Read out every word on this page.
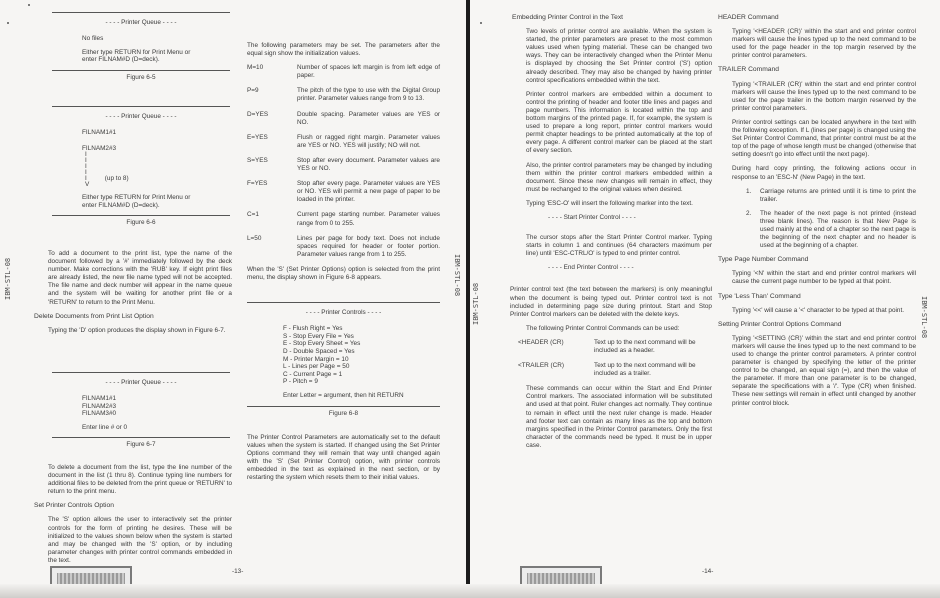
- - - - Printer Queue - - - -
No files
Either type RETURN for Print Menu or
enter FILNAM#D (D=deck).
Figure 6-5
- - - - Printer Queue - - - -
FILNAM1#1
FILNAM2#3
I
I
I
I
I	(up to 8)
V
Either type RETURN for Print Menu or
enter FILNAM#D (D=deck).
Figure 6-6

To add a document to the print list, type the name of the document followed by a '#' immediately followed by the deck number. Make corrections with the 'RUB' key. If eight print files are already listed, the new file name typed will not be accepted. The file name and deck number will appear in the name queue and the system will be waiting for another print file or a 'RETURN' to return to the Print Menu.

Delete Documents from Print List Option

Typing the 'D' option produces the display shown in Figure 6-7.

- - - - Printer Queue - - - -
FILNAM1#1
FILNAM2#3
FILNAM3#0
Enter line # or 0
Figure 6-7

To delete a document from the list, type the line number of the document in the list (1 thru 8). Continue typing line numbers for additional files to be deleted from the print queue or 'RETURN' to return to the print menu.

Set Printer Controls Option

The 'S' option allows the user to interactively set the printer controls for the form of printing he desires. These will be initialized to the values shown below when the system is started and may be changed with the 'S' option, or by including parameter changes with printer control commands embedded in the text.

-13-

The following parameters may be set. The parameters after the equal sign show the initialization values.

M=10	Number of spaces left margin is from left edge of paper.
P=9	The pitch of the type to use with the Digital Group printer. Parameter values range from 9 to 13.
D=YES	Double spacing. Parameter values are YES or NO.
E=YES	Flush or ragged right margin. Parameter values are YES or NO. YES will justify; NO will not.
S=YES	Stop after every document. Parameter values are YES or NO.
F=YES	Stop after every page. Parameter values are YES or NO. YES will permit a new page of paper to be loaded in the printer.
C=1	Current page starting number. Parameter values range from 0 to 255.
L=50	Lines per page for body text. Does not include spaces required for header or footer portion. Parameter values range from 1 to 255.

When the 'S' (Set Printer Options) option is selected from the print menu, the display shown in Figure 6-8 appears.

- - - - Printer Controls - - - -
F - Flush Right = Yes
S - Stop Every File = Yes
E - Stop Every Sheet = Yes
D - Double Spaced = Yes
M - Printer Margin = 10
L - Lines per Page = 50
C - Current Page = 1
P - Pitch = 9
Enter Letter = argument, then hit RETURN
Figure 6-8

The Printer Control Parameters are automatically set to the default values when the system is started. If changed using the Set Printer Options command they will remain that way until changed again with the 'S' (Set Printer Control) option, with printer controls embedded in the text as explained in the next section, or by restarting the system which resets them to their initial values.

IBM-STL-08	IBM-STL-08
Embedding Printer Control in the Text

Two levels of printer control are available. When the system is started, the printer parameters are preset to the most common values used when typing material. These can be changed two ways. They can be interactively changed when the Printer Menu is displayed by choosing the Set Printer control ('S') option already described. They may also be changed by having printer control specifications embedded within the text.

Printer control markers are embedded within a document to control the printing of header and footer title lines and pages and page numbers. This information is located within the top and bottom margins of the printed page. If, for example, the system is used to prepare a long report, printer control markers would permit chapter headings to be printed automatically at the top of every page. A different control marker can be placed at the start of every section.

Also, the printer control parameters may be changed by including them within the printer control markers embedded within a document. Since these new changes will remain in effect, they must be rechanged to the original values when desired.

Typing 'ESC-O' will insert the following marker into the text.

- - - - Start Printer Control - - - -

The cursor stops after the Start Printer Control marker. Typing starts in column 1 and continues (64 characters maximum per line) until 'ESC-CTRL/O' is typed to end printer control.

- - - - End Printer Control - - - -

Printer control text (the text between the markers) is only meaningful when the document is being typed out. Printer control text is not included in determining page size during printout. Start and Stop Printer Control markers can be deleted with the delete keys.

The following Printer Control Commands can be used:

<HEADER (CR)	Text up to the next command will be included as a header.
<TRAILER (CR)	Text up to the next command will be included as a trailer.

These commands can occur within the Start and End Printer Control markers. The associated information will be substituted and used at that point. Ruler changes act normally. They continue to remain in effect until the next ruler change is made. Header and footer text can contain as many lines as the top and bottom margins specified in the Printer Control parameters. Only the first character of the commands need be typed. It must be in upper case.

-14-
HEADER Command

Typing '<HEADER (CR)' within the start and end printer control markers will cause the lines typed up to the next command to be used for the page header in the top margin reserved by the printer control parameters.

TRAILER Command

Typing '<TRAILER (CR)' within the start and end printer control markers will cause the lines typed up to the next command to be used for the page trailer in the bottom margin reserved by the printer control parameters.

Printer control settings can be located anywhere in the text with the following exception. If L (lines per page) is changed using the Set Printer Control Command, that printer control must be at the top of the page of whose length must be changed (otherwise that setting doesn't go into effect until the next page).

During hard copy printing, the following actions occur in response to an 'ESC-N' (New Page) in the text.

1.	Carriage returns are printed until it is time to print the trailer.
2.	The header of the next page is not printed (instead three blank lines). The reason is that New Page is used mainly at the end of a chapter so the next page is the beginning of the next chapter and no header is used at the beginning of a chapter.
Type Page Number Command

Typing '<N' within the start and end printer control markers will cause the current page number to be typed at that point.

Type 'Less Than' Command

Typing '<<' will cause a '<' character to be typed at that point.

Setting Printer Control Options Command

Typing '<SETTING (CR)' within the start and end printer control markers will cause the lines typed up to the next command to be used to change the printer control parameters. A printer control parameter is changed by specifying the letter of the printer control to be changed, an equal sign (=), and then the value of the parameter. If more than one parameter is to be changed, separate the specifications with a '/'. Type (CR) when finished. These new settings will remain in effect until changed by another printer control block.

IBM-STL-08	IBM-STL-08
